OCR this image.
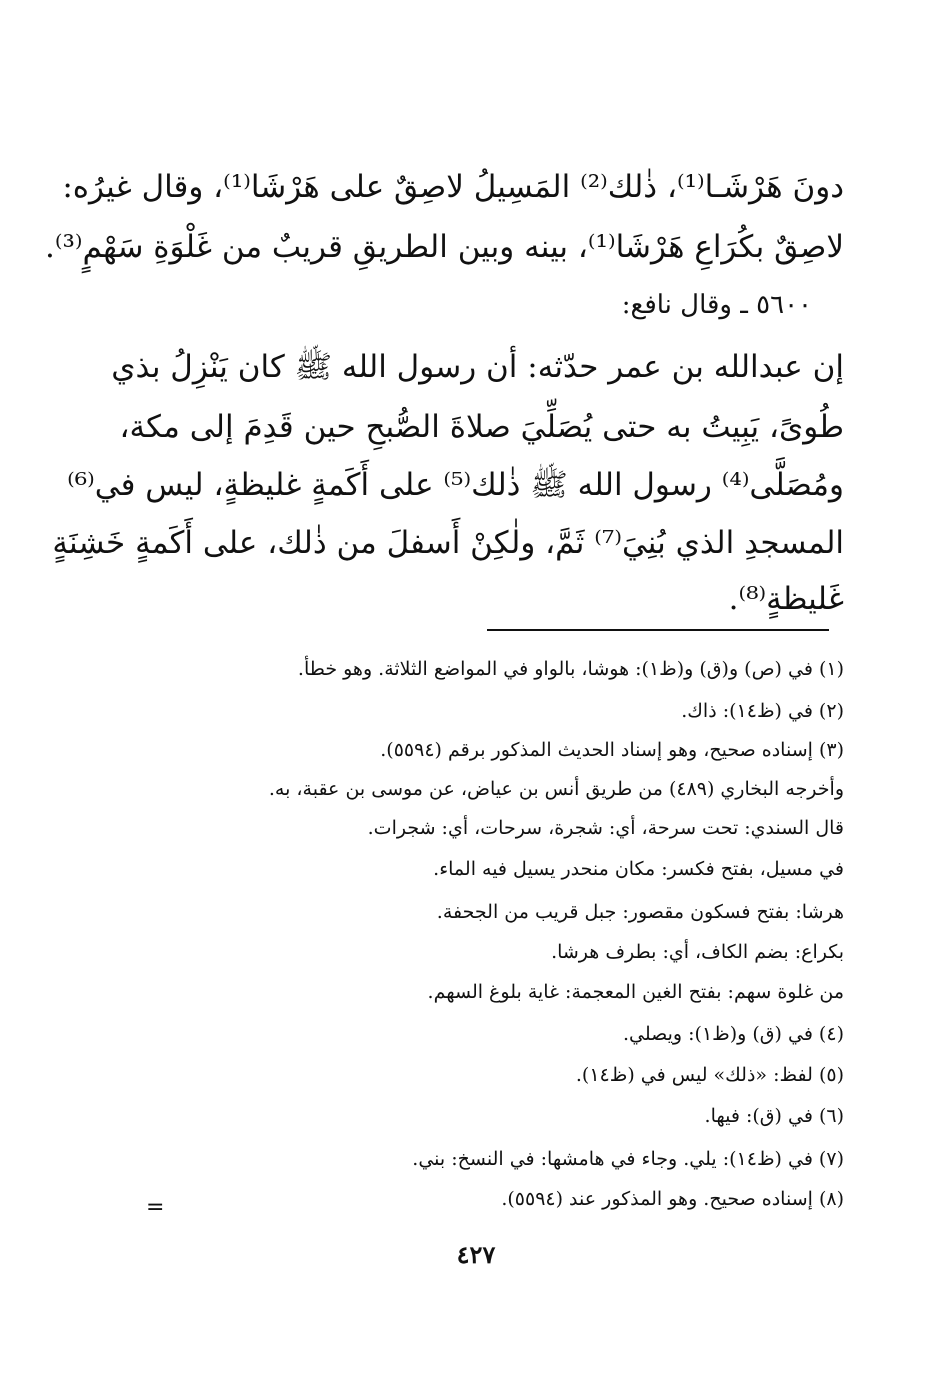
دونَ هَرْشَـا⁽¹⁾، ذٰلك⁽²⁾ المَسِيلُ لاصِقٌ على هَرْشَا⁽¹⁾، وقال غيرُه:
لاصِقٌ بكُرَاعِ هَرْشَا⁽¹⁾، بينه وبين الطريقِ قريبٌ من غَلْوَةِ سَهْمٍ⁽³⁾.
٥٦٠٠ ـ وقال نافع:
إن عبدالله بن عمر حدّثه: أن رسول الله ﷺ كان يَنْزِلُ بذي
طُوىً، يَبِيتُ به حتى يُصَلِّيَ صلاةَ الصُّبحِ حين قَدِمَ إلى مكة،
ومُصَلَّى⁽⁴⁾ رسول الله ﷺ ذٰلك⁽⁵⁾ على أَكَمةٍ غليظةٍ، ليس في⁽⁶⁾
المسجدِ الذي بُنِيَ⁽⁷⁾ ثَمَّ، ولٰكِنْ أَسفلَ من ذٰلك، على أَكَمةٍ خَشِنَةٍ
غَليظةٍ⁽⁸⁾.
(١) في (ص) و(ق) و(ظ١): هوشا، بالواو في المواضع الثلاثة. وهو خطأ.
(٢) في (ظ١٤): ذاك.
(٣) إسناده صحيح، وهو إسناد الحديث المذكور برقم (٥٥٩٤).
وأخرجه البخاري (٤٨٩) من طريق أنس بن عياض، عن موسى بن عقبة، به.
قال السندي: تحت سرحة، أي: شجرة، سرحات، أي: شجرات.
في مسيل، بفتح فكسر: مكان منحدر يسيل فيه الماء.
هرشا: بفتح فسكون مقصور: جبل قريب من الجحفة.
بكراع: بضم الكاف، أي: بطرف هرشا.
من غلوة سهم: بفتح الغين المعجمة: غاية بلوغ السهم.
(٤) في (ق) و(ظ١): ويصلي.
(٥) لفظ: «ذلك» ليس في (ظ١٤).
(٦) في (ق): فيها.
(٧) في (ظ١٤): يلي. وجاء في هامشها: في النسخ: بني.
(٨) إسناده صحيح. وهو المذكور عند (٥٥٩٤).
=
٤٢٧
